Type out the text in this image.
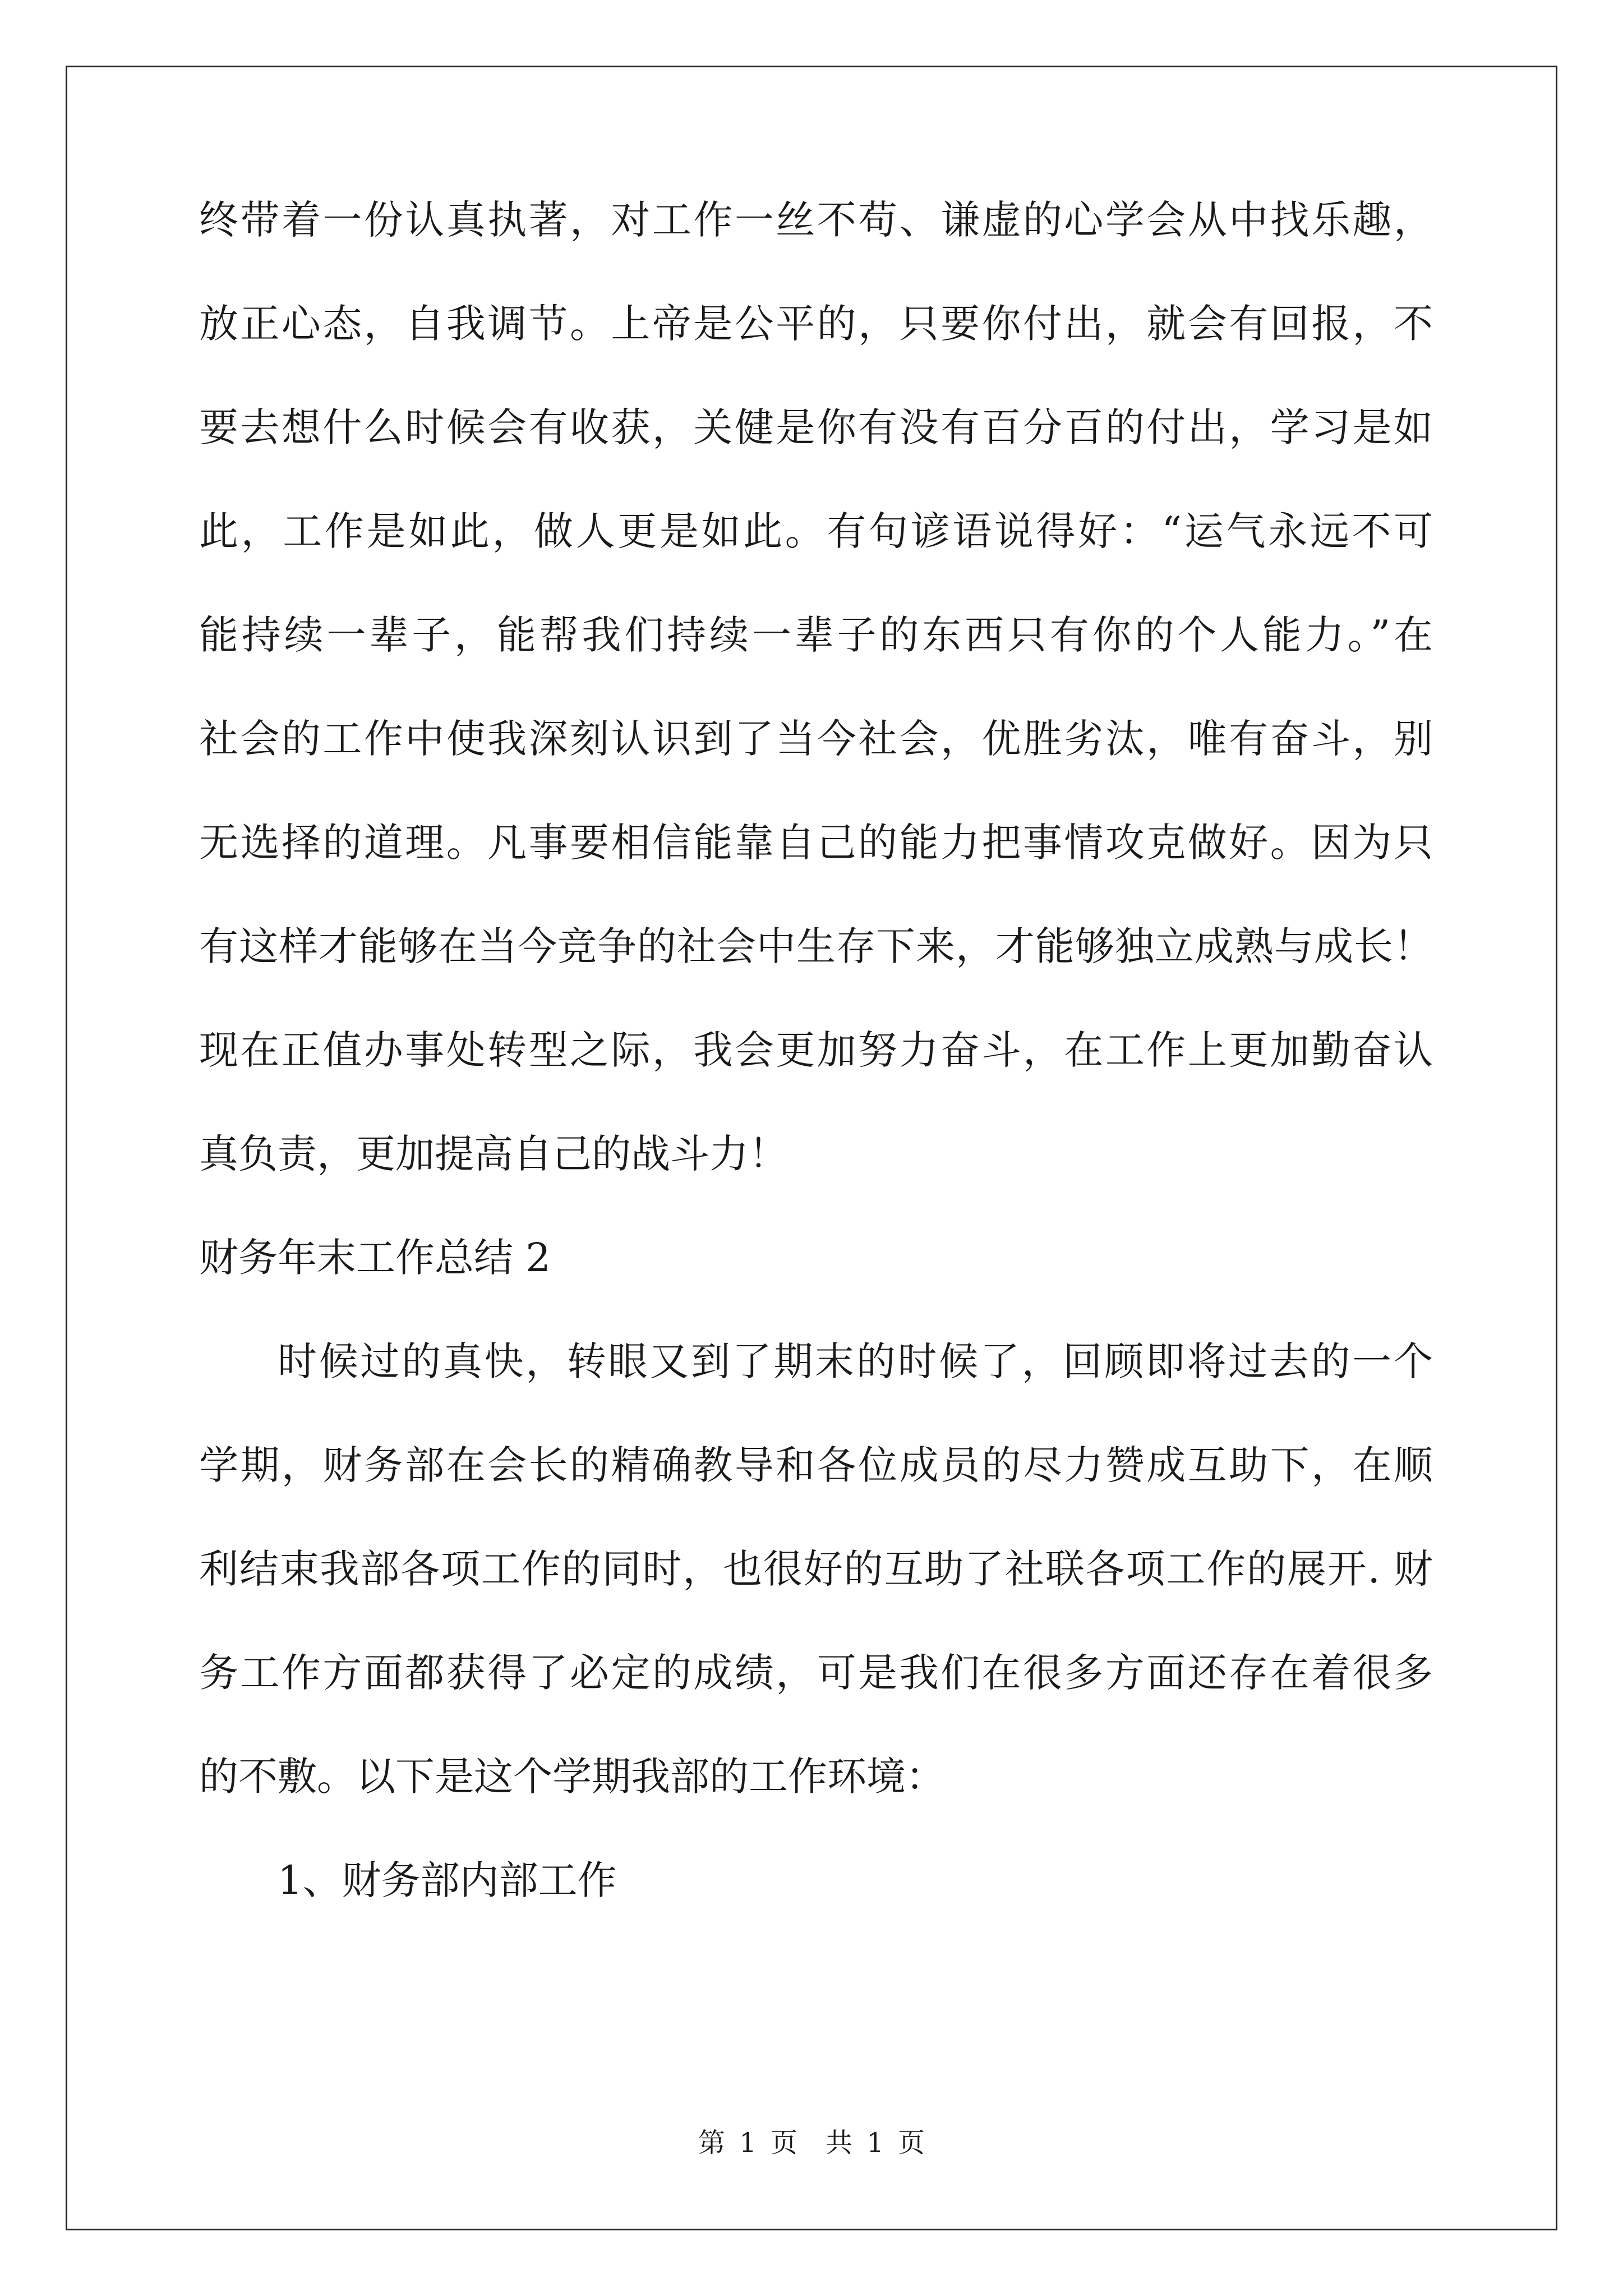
终带着一份认真执著，对工作一丝不苟、谦虚的心学会从中找乐趣，
放正心态，自我调节。上帝是公平的，只要你付出，就会有回报，不
要去想什么时候会有收获，关健是你有没有百分百的付出，学习是如
此，工作是如此，做人更是如此。有句谚语说得好：“运气永远不可
能持续一辈子，能帮我们持续一辈子的东西只有你的个人能力。”在
社会的工作中使我深刻认识到了当今社会，优胜劣汰，唯有奋斗，别
无选择的道理。凡事要相信能靠自己的能力把事情攻克做好。因为只
有这样才能够在当今竞争的社会中生存下来，才能够独立成熟与成长！
现在正值办事处转型之际，我会更加努力奋斗，在工作上更加勤奋认
真负责，更加提高自己的战斗力！
财务年末工作总结 2
时候过的真快，转眼又到了期末的时候了，回顾即将过去的一个
学期，财务部在会长的精确教导和各位成员的尽力赞成互助下，在顺
利结束我部各项工作的同时，也很好的互助了社联各项工作的展开. 财
务工作方面都获得了必定的成绩，可是我们在很多方面还存在着很多
的不敷。以下是这个学期我部的工作环境：
1、财务部内部工作
第 1 页 共 1 页
